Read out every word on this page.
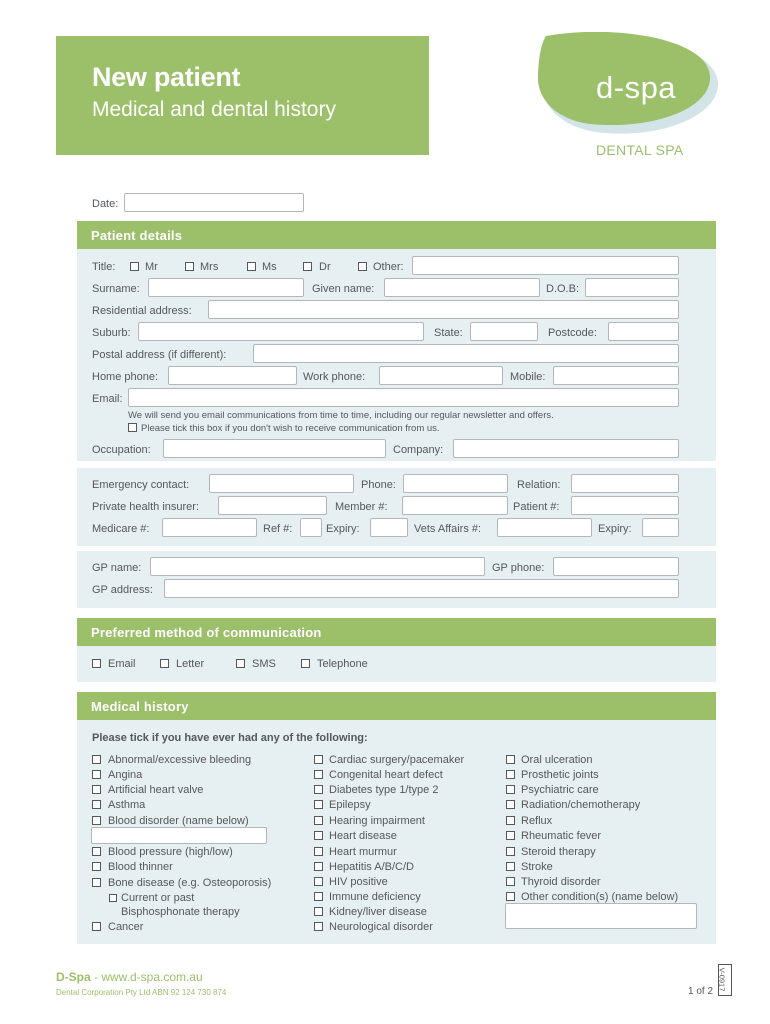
New patient
Medical and dental history
d-spa
DENTAL SPA
Date:
Patient details
Title:	Mr	Mrs	Ms	Dr	Other:
Surname:	Given name:	D.O.B:
Residential address:
Suburb:	State:	Postcode:
Postal address (if different):
Home phone:	Work phone:	Mobile:
Email:
We will send you email communications from time to time, including our regular newsletter and offers.
Please tick this box if you don't wish to receive communication from us.
Occupation:	Company:
Emergency contact:	Phone:	Relation:
Private health insurer:	Member #:	Patient #:
Medicare #:	Ref #:	Expiry:	Vets Affairs #:	Expiry:
GP name:	GP phone:
GP address:
Preferred method of communication
Email	Letter	SMS	Telephone
Medical history
Please tick if you have ever had any of the following:
Abnormal/excessive bleeding
Angina
Artificial heart valve
Asthma
Blood disorder (name below)
Blood pressure (high/low)
Blood thinner
Bone disease (e.g. Osteoporosis)
Current or past
Bisphosphonate therapy
Cancer
Cardiac surgery/pacemaker
Congenital heart defect
Diabetes type 1/type 2
Epilepsy
Hearing impairment
Heart disease
Heart murmur
Hepatitis A/B/C/D
HIV positive
Immune deficiency
Kidney/liver disease
Neurological disorder
Oral ulceration
Prosthetic joints
Psychiatric care
Radiation/chemotherapy
Reflux
Rheumatic fever
Steroid therapy
Stroke
Thyroid disorder
Other condition(s) (name below)
D-Spa - www.d-spa.com.au
Dental Corporation Pty Ltd ABN 92 124 730 874	1 of 2
V-0917
